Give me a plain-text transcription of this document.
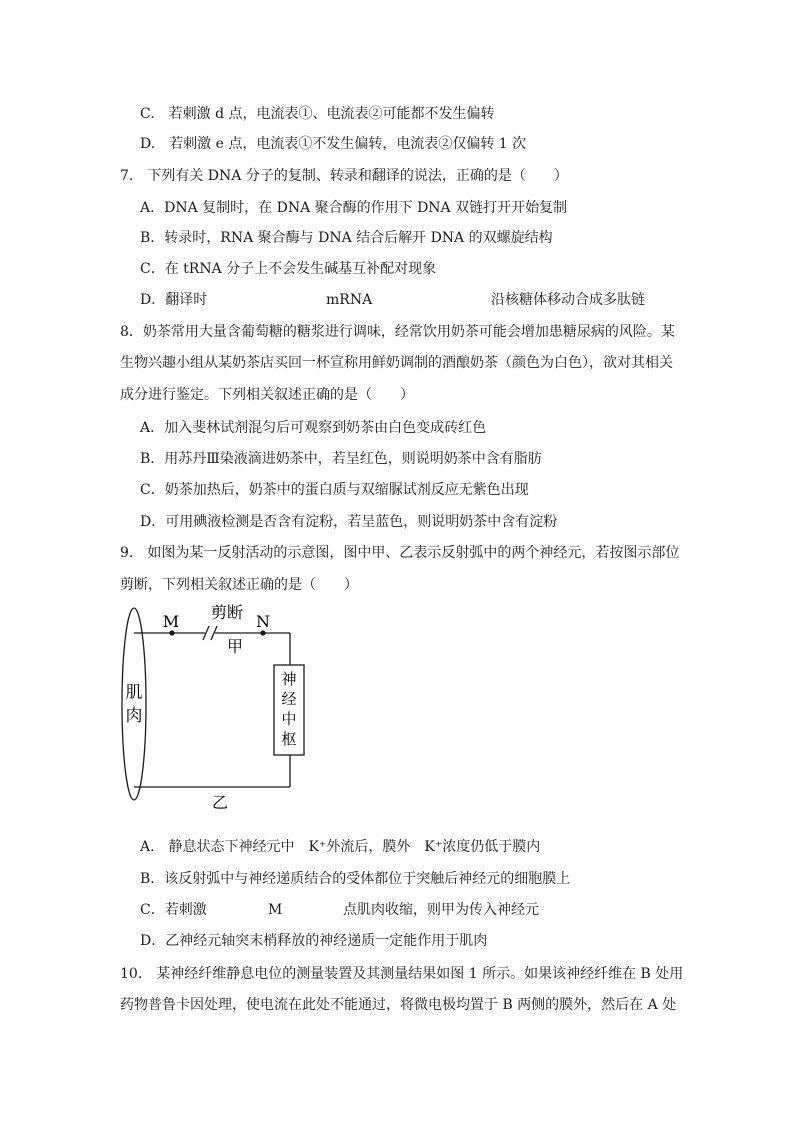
C.　若刺激 d 点，电流表①、电流表②可能都不发生偏转
D.　若刺激 e 点，电流表①不发生偏转，电流表②仅偏转 1 次
7.　下列有关 DNA 分子的复制、转录和翻译的说法，正确的是（　　）
A．DNA 复制时，在 DNA 聚合酶的作用下 DNA 双链打开开始复制
B．转录时，RNA 聚合酶与 DNA 结合后解开 DNA 的双螺旋结构
C．在 tRNA 分子上不会发生碱基互补配对现象
D．翻译时	mRNA	沿核糖体移动合成多肽链
8．奶茶常用大量含葡萄糖的糖浆进行调味，经常饮用奶茶可能会增加患糖尿病的风险。某
生物兴趣小组从某奶茶店买回一杯宣称用鲜奶调制的酒酿奶茶（颜色为白色），欲对其相关
成分进行鉴定。下列相关叙述正确的是（　　）
A．加入斐林试剂混匀后可观察到奶茶由白色变成砖红色
B．用苏丹Ⅲ染液滴进奶茶中，若呈红色，则说明奶茶中含有脂肪
C．奶茶加热后，奶茶中的蛋白质与双缩脲试剂反应无紫色出现
D．可用碘液检测是否含有淀粉，若呈蓝色，则说明奶茶中含有淀粉
9.　如图为某一反射活动的示意图，图中甲、乙表示反射弧中的两个神经元，若按图示部位
剪断，下列相关叙述正确的是（　　）
肌
肉
M	N
剪断
甲
神
经
中
枢
乙
A.　静息状态下神经元中　K⁺外流后，膜外　K⁺浓度仍低于膜内
B．该反射弧中与神经递质结合的受体都位于突触后神经元的细胞膜上
C．若刺激	M	点肌肉收缩，则甲为传入神经元
D．乙神经元轴突末梢释放的神经递质一定能作用于肌肉
10.　某神经纤维静息电位的测量装置及其测量结果如图 1 所示。如果该神经纤维在 B 处用
药物普鲁卡因处理，使电流在此处不能通过，将微电极均置于 B 两侧的膜外，然后在 A 处
